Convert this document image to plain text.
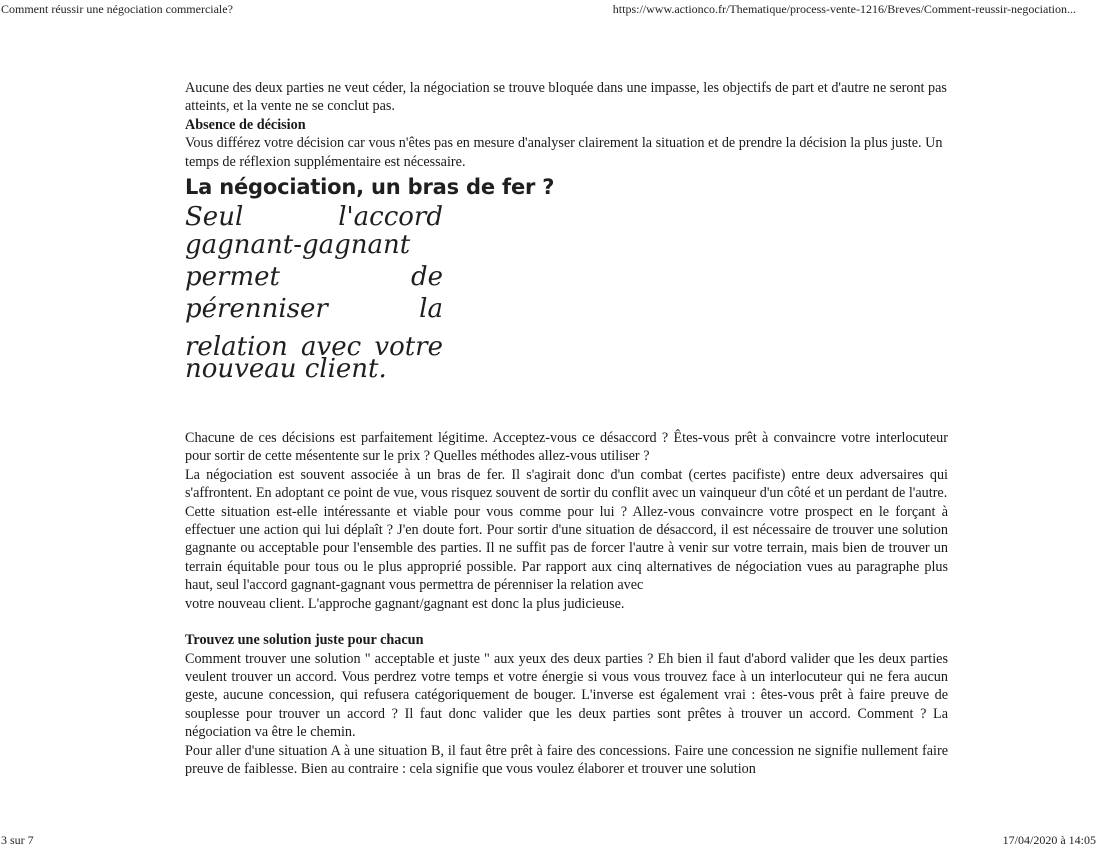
Comment réussir une négociation commerciale?	https://www.actionco.fr/Thematique/process-vente-1216/Breves/Comment-reussir-negociation...

Aucune des deux parties ne veut céder, la négociation se trouve bloquée dans une impasse, les objectifs de part et d'autre ne seront pas atteints, et la vente ne se conclut pas.

Absence de décision

Vous différez votre décision car vous n'êtes pas en mesure d'analyser clairement la situation et de prendre la décision la plus juste. Un temps de réflexion supplémentaire est nécessaire.

La négociation, un bras de fer ?
Seul	l'accord
gagnant-gagnant
permet	de
pérenniser	la
relation avec votre
nouveau client.

Chacune de ces décisions est parfaitement légitime. Acceptez-vous ce désaccord ? Êtes-vous prêt à convaincre votre interlocuteur pour sortir de cette mésentente sur le prix ? Quelles méthodes allez-vous utiliser ?

La négociation est souvent associée à un bras de fer. Il s'agirait donc d'un combat (certes pacifiste) entre deux adversaires qui s'affrontent. En adoptant ce point de vue, vous risquez souvent de sortir du conflit avec un vainqueur d'un côté et un perdant de l'autre.

Cette situation est-elle intéressante et viable pour vous comme pour lui ? Allez-vous convaincre votre prospect en le forçant à effectuer une action qui lui déplaît ? J'en doute fort. Pour sortir d'une situation de désaccord, il est nécessaire de trouver une solution gagnante ou acceptable pour l'ensemble des parties. Il ne suffit pas de forcer l'autre à venir sur votre terrain, mais bien de trouver un terrain équitable pour tous ou le plus approprié possible. Par rapport aux cinq alternatives de négociation vues au paragraphe plus haut, seul l'accord gagnant-gagnant vous permettra de pérenniser la relation avec

votre nouveau client. L'approche gagnant/gagnant est donc la plus judicieuse.

Trouvez une solution juste pour chacun

Comment trouver une solution " acceptable et juste " aux yeux des deux parties ? Eh bien il faut d'abord valider que les deux parties veulent trouver un accord. Vous perdrez votre temps et votre énergie si vous vous trouvez face à un interlocuteur qui ne fera aucun geste, aucune concession, qui refusera catégoriquement de bouger. L'inverse est également vrai : êtes-vous prêt à faire preuve de souplesse pour trouver un accord ? Il faut donc valider que les deux parties sont prêtes à trouver un accord. Comment ? La négociation va être le chemin.

Pour aller d'une situation A à une situation B, il faut être prêt à faire des concessions. Faire une concession ne signifie nullement faire preuve de faiblesse. Bien au contraire : cela signifie que vous voulez élaborer et trouver une solution

3 sur 7	17/04/2020 à 14:05
